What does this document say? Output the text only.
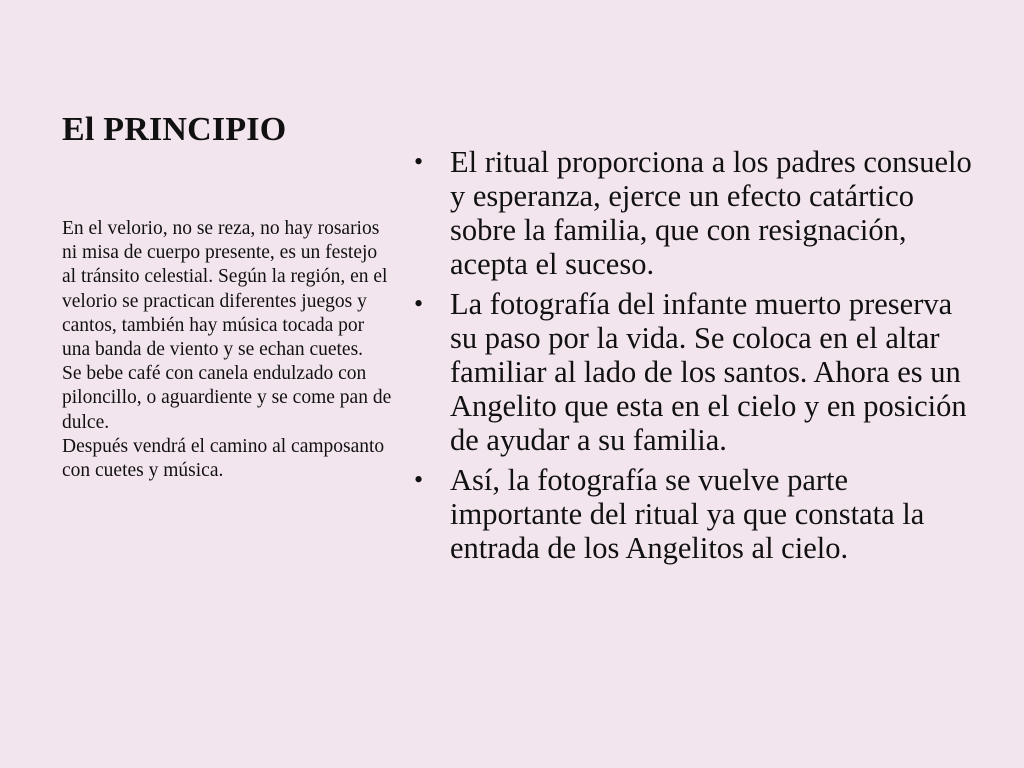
El PRINCIPIO

En el velorio, no se reza, no hay rosarios ni misa de cuerpo presente, es un festejo al tránsito celestial. Según la región, en el velorio se practican diferentes juegos y cantos, también hay música tocada por una banda de viento y se echan cuetes.

Se bebe café con canela endulzado con piloncillo, o aguardiente y se come pan de dulce.

Después vendrá el camino al camposanto con cuetes y música.

• El ritual proporciona a los padres consuelo y esperanza, ejerce un efecto catártico sobre la familia, que con resignación, acepta el suceso.
• La fotografía del infante muerto preserva su paso por la vida. Se coloca en el altar familiar al lado de los santos. Ahora es un Angelito que esta en el cielo y en posición de ayudar a su familia.
• Así, la fotografía se vuelve parte importante del ritual ya que constata la entrada de los Angelitos al cielo.
